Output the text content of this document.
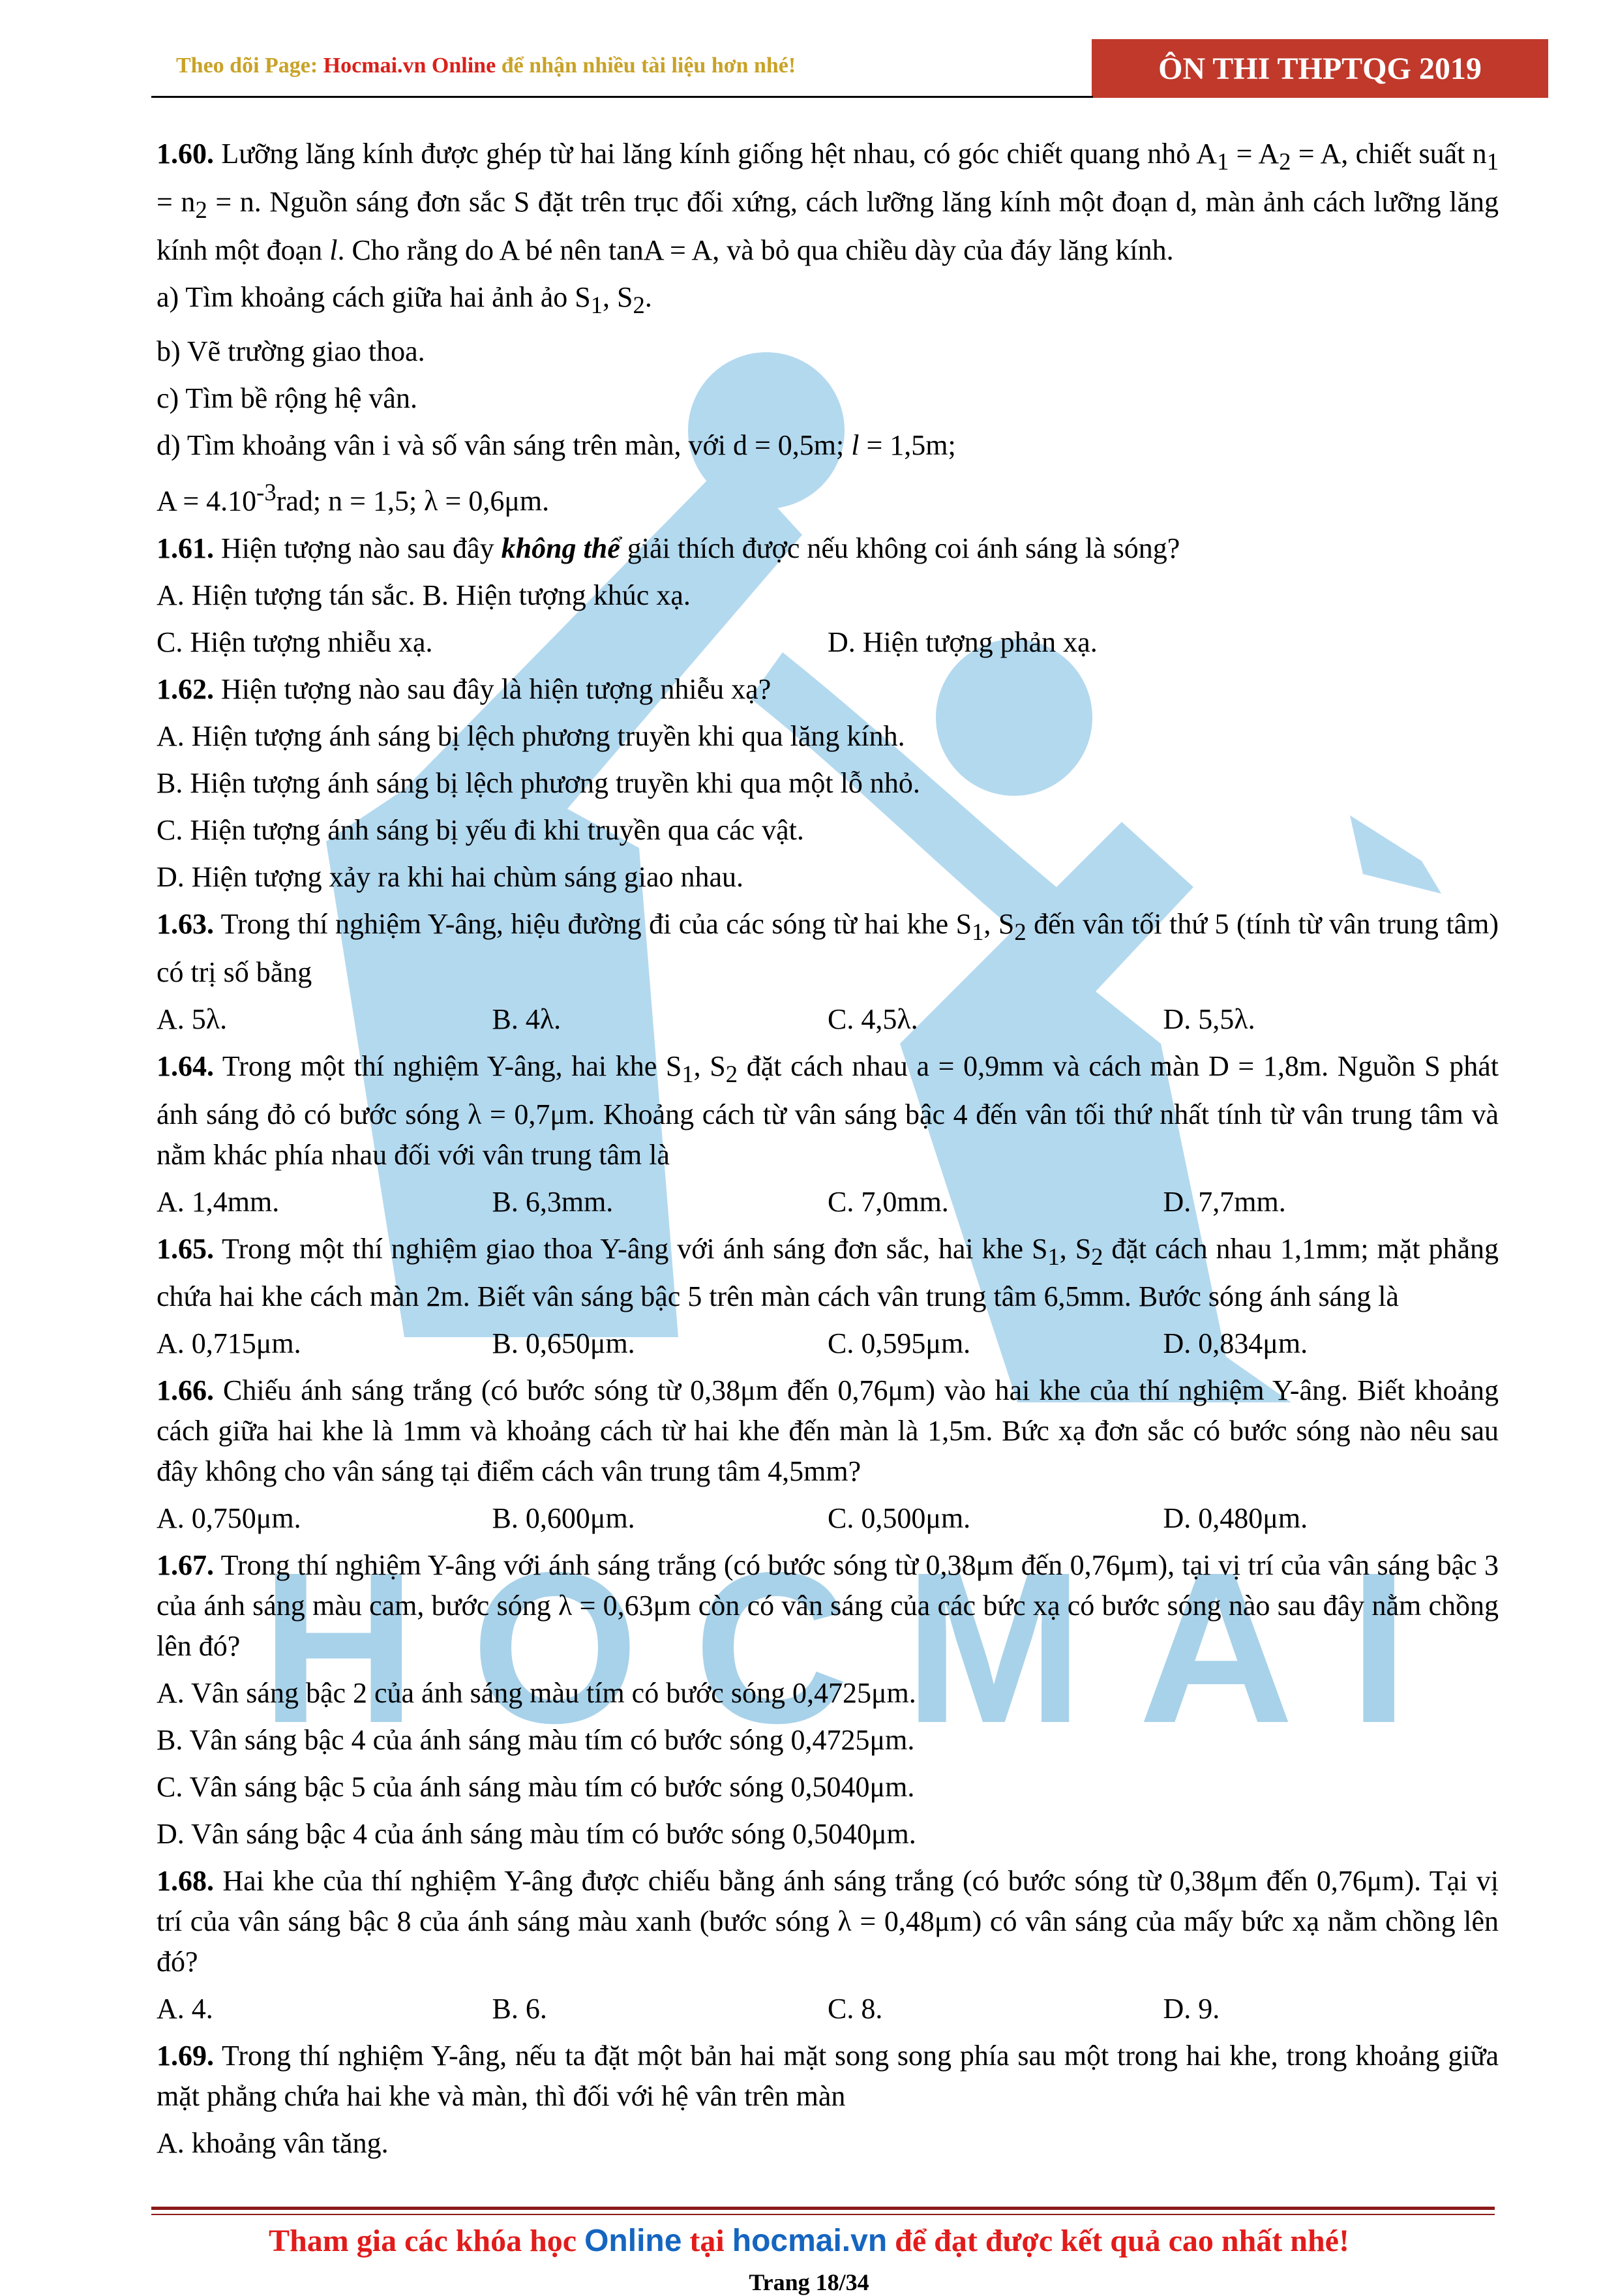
HOCMAI
Theo dõi Page: Hocmai.vn Online để nhận nhiều tài liệu hơn nhé!	ÔN THI THPTQG 2019
1.60. Lưỡng lăng kính được ghép từ hai lăng kính giống hệt nhau, có góc chiết quang nhỏ $A_1 = A_2 = A$, chiết suất $n_1 = n_2 = n$. Nguồn sáng đơn sắc S đặt trên trục đối xứng, cách lưỡng lăng kính một đoạn d, màn ảnh cách lưỡng lăng kính một đoạn l. Cho rằng do A bé nên tanA = A, và bỏ qua chiều dày của đáy lăng kính.
a) Tìm khoảng cách giữa hai ảnh ảo $S_1$, $S_2$.
b) Vẽ trường giao thoa.
c) Tìm bề rộng hệ vân.
d) Tìm khoảng vân i và số vân sáng trên màn, với d = 0,5m; l = 1,5m;
$A = 4.10^{-3}rad$; n = 1,5; λ = 0,6μm.
1.61. Hiện tượng nào sau đây không thể giải thích được nếu không coi ánh sáng là sóng?
A. Hiện tượng tán sắc. B. Hiện tượng khúc xạ.
C. Hiện tượng nhiễu xạ.	D. Hiện tượng phản xạ.
1.62. Hiện tượng nào sau đây là hiện tượng nhiễu xạ?
A. Hiện tượng ánh sáng bị lệch phương truyền khi qua lăng kính.
B. Hiện tượng ánh sáng bị lệch phương truyền khi qua một lỗ nhỏ.
C. Hiện tượng ánh sáng bị yếu đi khi truyền qua các vật.
D. Hiện tượng xảy ra khi hai chùm sáng giao nhau.
1.63. Trong thí nghiệm Y-âng, hiệu đường đi của các sóng từ hai khe $S_1$, $S_2$ đến vân tối thứ 5 (tính từ vân trung tâm) có trị số bằng
A. 5λ.	B. 4λ.	C. 4,5λ.	D. 5,5λ.
1.64. Trong một thí nghiệm Y-âng, hai khe $S_1$, $S_2$ đặt cách nhau a = 0,9mm và cách màn D = 1,8m. Nguồn S phát ánh sáng đỏ có bước sóng λ = 0,7μm. Khoảng cách từ vân sáng bậc 4 đến vân tối thứ nhất tính từ vân trung tâm và nằm khác phía nhau đối với vân trung tâm là
A. 1,4mm.	B. 6,3mm.	C. 7,0mm.	D. 7,7mm.
1.65. Trong một thí nghiệm giao thoa Y-âng với ánh sáng đơn sắc, hai khe $S_1$, $S_2$ đặt cách nhau 1,1mm; mặt phẳng chứa hai khe cách màn 2m. Biết vân sáng bậc 5 trên màn cách vân trung tâm 6,5mm. Bước sóng ánh sáng là
A. 0,715μm.	B. 0,650μm.	C. 0,595μm.	D. 0,834μm.
1.66. Chiếu ánh sáng trắng (có bước sóng từ 0,38μm đến 0,76μm) vào hai khe của thí nghiệm Y-âng. Biết khoảng cách giữa hai khe là 1mm và khoảng cách từ hai khe đến màn là 1,5m. Bức xạ đơn sắc có bước sóng nào nêu sau đây không cho vân sáng tại điểm cách vân trung tâm 4,5mm?
A. 0,750μm.	B. 0,600μm.	C. 0,500μm.	D. 0,480μm.
1.67. Trong thí nghiệm Y-âng với ánh sáng trắng (có bước sóng từ 0,38μm đến 0,76μm), tại vị trí của vân sáng bậc 3 của ánh sáng màu cam, bước sóng λ = 0,63μm còn có vân sáng của các bức xạ có bước sóng nào sau đây nằm chồng lên đó?
A. Vân sáng bậc 2 của ánh sáng màu tím có bước sóng 0,4725μm.
B. Vân sáng bậc 4 của ánh sáng màu tím có bước sóng 0,4725μm.
C. Vân sáng bậc 5 của ánh sáng màu tím có bước sóng 0,5040μm.
D. Vân sáng bậc 4 của ánh sáng màu tím có bước sóng 0,5040μm.
1.68. Hai khe của thí nghiệm Y-âng được chiếu bằng ánh sáng trắng (có bước sóng từ 0,38μm đến 0,76μm). Tại vị trí của vân sáng bậc 8 của ánh sáng màu xanh (bước sóng λ = 0,48μm) có vân sáng của mấy bức xạ nằm chồng lên đó?
A. 4.	B. 6.	C. 8.	D. 9.
1.69. Trong thí nghiệm Y-âng, nếu ta đặt một bản hai mặt song song phía sau một trong hai khe, trong khoảng giữa mặt phẳng chứa hai khe và màn, thì đối với hệ vân trên màn
A. khoảng vân tăng.
Tham gia các khóa học Online tại hocmai.vn để đạt được kết quả cao nhất nhé!
Trang 18/34
